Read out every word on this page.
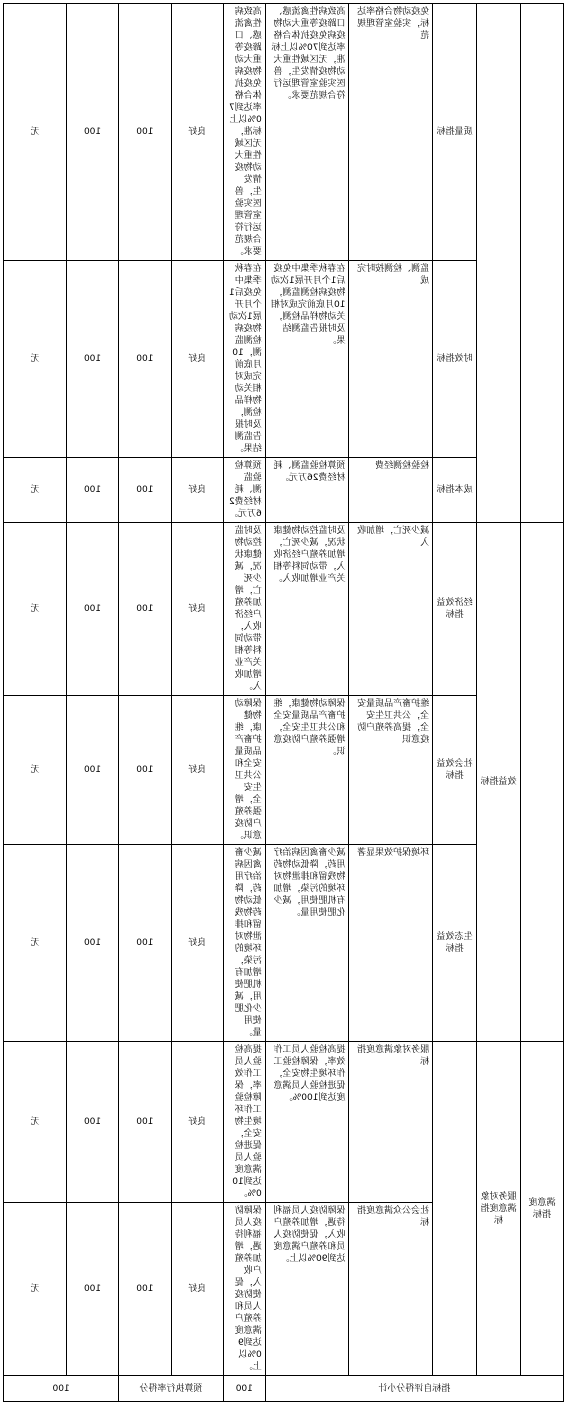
		质量指标	免疫动物合格率达标，实验室管理规范	高致病性禽流感、口蹄疫等重大动物疫病免疫抗体合格率达到70%以上标准，无区域性重大动物疫情发生，兽医实验室管理运行符合规范要求。	高致病性禽流感、口蹄疫等重大动物疫病免疫抗体合格率达到70%以上标准，无区域性重大动物疫情发生，兽医实验室管理运行符合规范要求。	良好	100	100	无
		时效指标	监测、检测按时完成	在春秋季集中免疫后1个月开展1次动物疫病检测监测，10月底前完成对相关动物样品检测，及时报告监测结果。	在春秋季集中免疫后1个月开展1次动物疫病检测监测，10月底前完成对相关动物样品检测，及时报告监测结果。	良好	100	100	无
		成本指标	检验检测经费	预算检验监测、耗材经费26万元。	预算检验监测、耗材经费26万元。	良好	100	100	无
	效益指标	经济效益指标	减少死亡，增加收入	及时监控动物健康状况，减少死亡，增加养殖户经济收入，带动饲料等相关产业增加收入。	及时监控动物健康状况，减少死亡，增加养殖户经济收入，带动饲料等相关产业增加收入。	良好	100	100	无
		社会效益指标	维护畜产品质量安全，公共卫生安全，提高养殖户防疫意识	保障动物健康，维护畜产品质量安全和公共卫生安全，增强养殖户防疫意识。	保障动物健康，维护畜产品质量安全和公共卫生安全，增强养殖户防疫意识。	良好	100	100	无
		生态效益指标	环境保护效果显著	减少畜禽因病治疗用药，降低动物药物残留和排泄物对环境的污染，增加有机肥使用，减少化肥使用量。	减少畜禽因病治疗用药，降低动物药物残留和排泄物对环境的污染，增加有机肥使用，减少化肥使用量。	良好	100	100	无
满意度指标	服务对象满意度指标		服务对象满意度指标	提高检验人员工作效率，保障检验工作环境生物安全，促进检验人员满意度达到100%。	提高检验人员工作效率，保障检验工作环境生物安全，促进检验人员满意度达到100%。	良好	100	100	无
			社会公众满意度指标	保障防疫人员福利待遇，增加养殖户收入，促使防疫人员和养殖户满意度达到90%以上。	保障防疫人员福利待遇，增加养殖户收入，促使防疫人员和养殖户满意度达到90%以上。	良好	100	100	无
指标自评得分小计					100	预算执行率得分		100	
